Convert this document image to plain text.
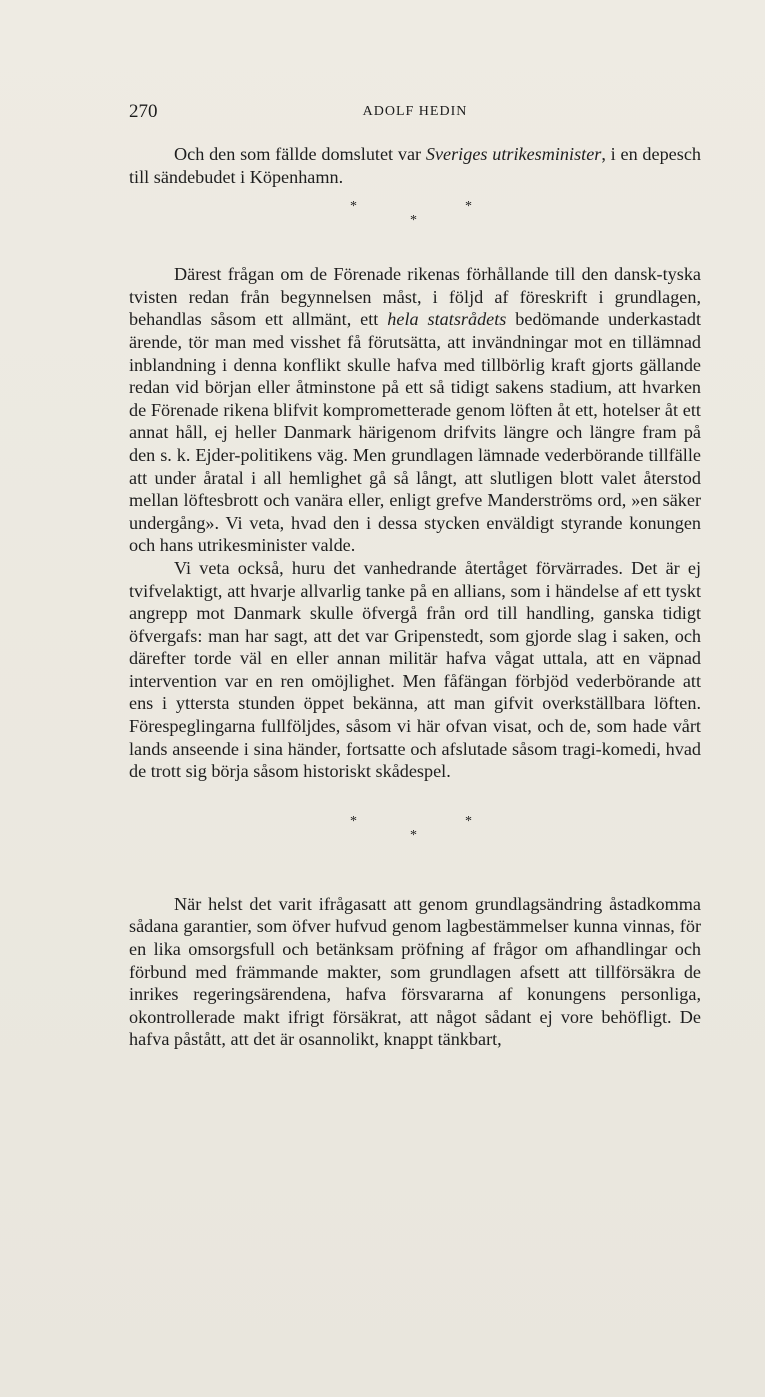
270	ADOLF HEDIN

Och den som fällde domslutet var Sveriges utrikesminister, i en depesch till sändebudet i Köpenhamn.

*	*
*

Därest frågan om de Förenade rikenas förhållande till den dansk-tyska tvisten redan från begynnelsen måst, i följd af föreskrift i grundlagen, behandlas såsom ett allmänt, ett hela statsrådets bedömande underkastadt ärende, tör man med visshet få förutsätta, att invändningar mot en tillämnad inblandning i denna konflikt skulle hafva med tillbörlig kraft gjorts gällande redan vid början eller åtminstone på ett så tidigt sakens stadium, att hvarken de Förenade rikena blifvit komprometterade genom löften åt ett, hotelser åt ett annat håll, ej heller Danmark härigenom drifvits längre och längre fram på den s. k. Ejder-politikens väg. Men grundlagen lämnade vederbörande tillfälle att under åratal i all hemlighet gå så långt, att slutligen blott valet återstod mellan löftesbrott och vanära eller, enligt grefve Manderströms ord, »en säker undergång». Vi veta, hvad den i dessa stycken enväldigt styrande konungen och hans utrikesminister valde.

Vi veta också, huru det vanhedrande återtåget förvärrades. Det är ej tvifvelaktigt, att hvarje allvarlig tanke på en allians, som i händelse af ett tyskt angrepp mot Danmark skulle öfvergå från ord till handling, ganska tidigt öfvergafs: man har sagt, att det var Gripenstedt, som gjorde slag i saken, och därefter torde väl en eller annan militär hafva vågat uttala, att en väpnad intervention var en ren omöjlighet. Men fåfängan förbjöd vederbörande att ens i yttersta stunden öppet bekänna, att man gifvit overkställbara löften. Förespeglingarna fullföljdes, såsom vi här ofvan visat, och de, som hade vårt lands anseende i sina händer, fortsatte och afslutade såsom tragi-komedi, hvad de trott sig börja såsom historiskt skådespel.

*	*
*

När helst det varit ifrågasatt att genom grundlagsändring åstadkomma sådana garantier, som öfver hufvud genom lagbestämmelser kunna vinnas, för en lika omsorgsfull och betänksam pröfning af frågor om afhandlingar och förbund med främmande makter, som grundlagen afsett att tillförsäkra de inrikes regeringsärendena, hafva försvararna af konungens personliga, okontrollerade makt ifrigt försäkrat, att något sådant ej vore behöfligt. De hafva påstått, att det är osannolikt, knappt tänkbart,
